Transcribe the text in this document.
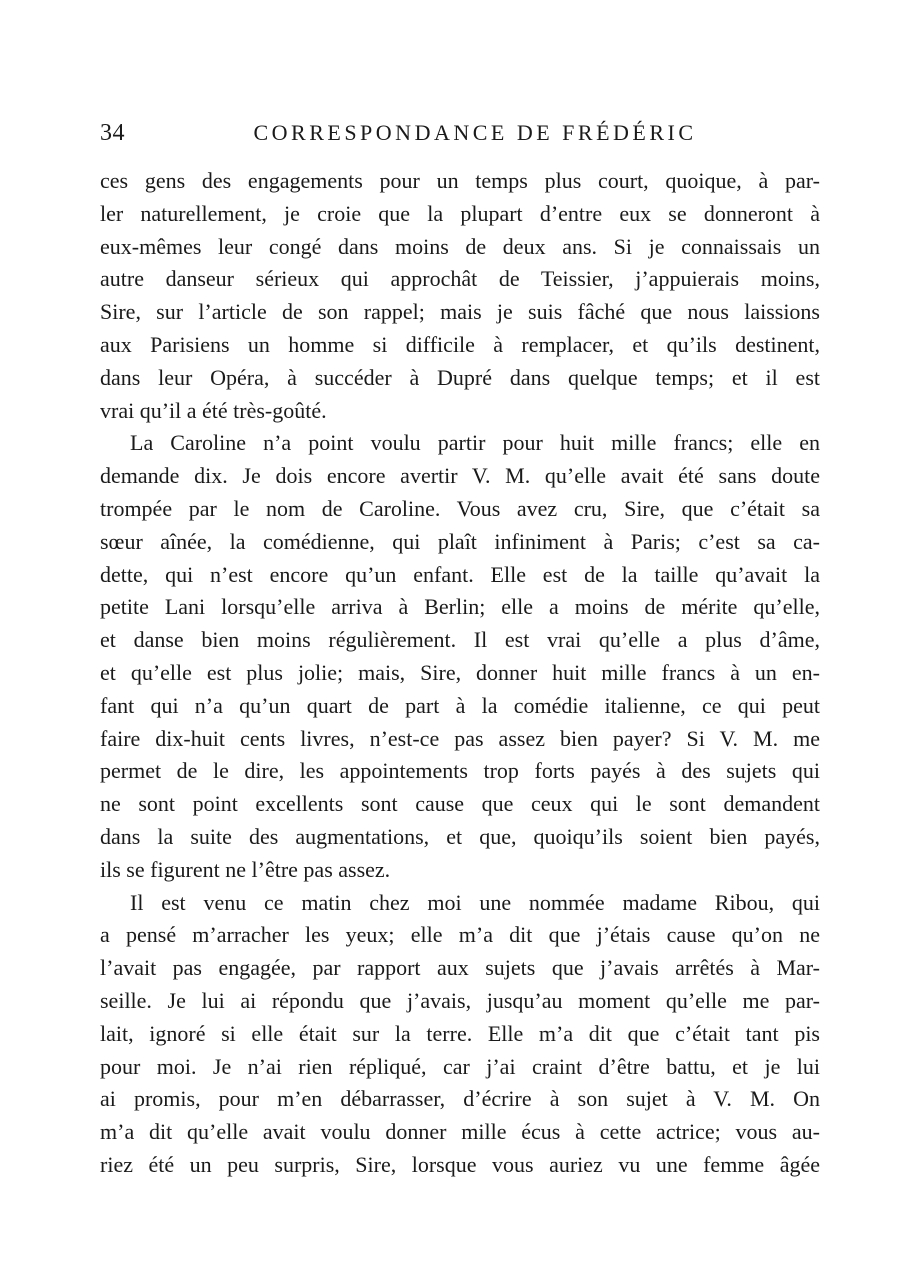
34	CORRESPONDANCE DE FRÉDÉRIC
ces gens des engagements pour un temps plus court, quoique, à par-
ler naturellement, je croie que la plupart d’entre eux se donneront à
eux-mêmes leur congé dans moins de deux ans. Si je connaissais un
autre danseur sérieux qui approchât de Teissier, j’appuierais moins,
Sire, sur l’article de son rappel; mais je suis fâché que nous laissions
aux Parisiens un homme si difficile à remplacer, et qu’ils destinent,
dans leur Opéra, à succéder à Dupré dans quelque temps; et il est
vrai qu’il a été très-goûté.
La Caroline n’a point voulu partir pour huit mille francs; elle en
demande dix. Je dois encore avertir V. M. qu’elle avait été sans doute
trompée par le nom de Caroline. Vous avez cru, Sire, que c’était sa
sœur aînée, la comédienne, qui plaît infiniment à Paris; c’est sa ca-
dette, qui n’est encore qu’un enfant. Elle est de la taille qu’avait la
petite Lani lorsqu’elle arriva à Berlin; elle a moins de mérite qu’elle,
et danse bien moins régulièrement. Il est vrai qu’elle a plus d’âme,
et qu’elle est plus jolie; mais, Sire, donner huit mille francs à un en-
fant qui n’a qu’un quart de part à la comédie italienne, ce qui peut
faire dix-huit cents livres, n’est-ce pas assez bien payer? Si V. M. me
permet de le dire, les appointements trop forts payés à des sujets qui
ne sont point excellents sont cause que ceux qui le sont demandent
dans la suite des augmentations, et que, quoiqu’ils soient bien payés,
ils se figurent ne l’être pas assez.
Il est venu ce matin chez moi une nommée madame Ribou, qui
a pensé m’arracher les yeux; elle m’a dit que j’étais cause qu’on ne
l’avait pas engagée, par rapport aux sujets que j’avais arrêtés à Mar-
seille. Je lui ai répondu que j’avais, jusqu’au moment qu’elle me par-
lait, ignoré si elle était sur la terre. Elle m’a dit que c’était tant pis
pour moi. Je n’ai rien répliqué, car j’ai craint d’être battu, et je lui
ai promis, pour m’en débarrasser, d’écrire à son sujet à V. M. On
m’a dit qu’elle avait voulu donner mille écus à cette actrice; vous au-
riez été un peu surpris, Sire, lorsque vous auriez vu une femme âgée
